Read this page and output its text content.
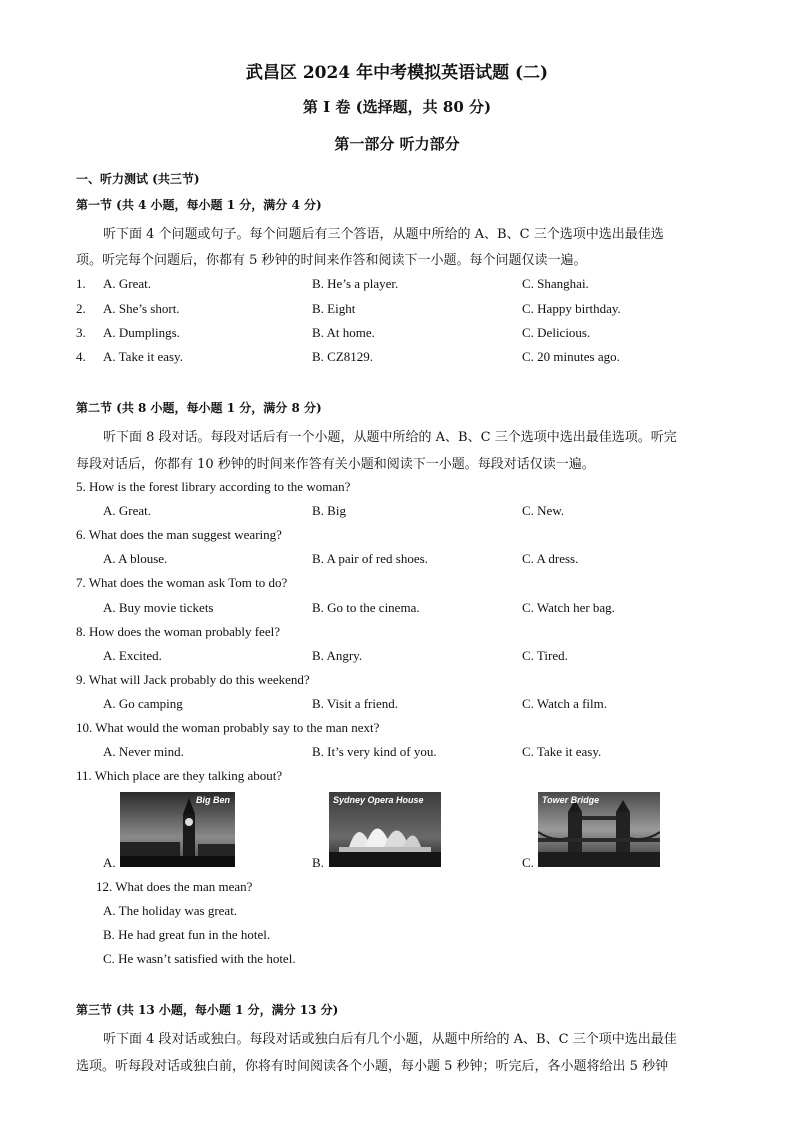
武昌区 2024 年中考模拟英语试题 (二)
第 I 卷 (选择题，共 80 分)
第一部分 听力部分
一、听力测试 (共三节)
第一节 (共 4 小题，每小题 1 分，满分 4 分)
听下面 4 个问题或句子。每个问题后有三个答语，从题中所给的 A、B、C 三个选项中选出最佳选
项。听完每个问题后，你都有 5 秒钟的时间来作答和阅读下一小题。每个问题仅读一遍。
1. A. Great.	B. He’s a player.	C. Shanghai.
2. A. She’s short.	B. Eight	C. Happy birthday.
3. A. Dumplings.	B. At home.	C. Delicious.
4. A. Take it easy.	B. CZ8129.	C. 20 minutes ago.
第二节 (共 8 小题，每小题 1 分，满分 8 分)
听下面 8 段对话。每段对话后有一个小题，从题中所给的 A、B、C 三个选项中选出最佳选项。听完
每段对话后，你都有 10 秒钟的时间来作答有关小题和阅读下一小题。每段对话仅读一遍。
5. How is the forest library according to the woman?
A. Great.	B. Big	C. New.
6. What does the man suggest wearing?
A. A blouse.	B. A pair of red shoes.	C. A dress.
7. What does the woman ask Tom to do?
A. Buy movie tickets	B. Go to the cinema.	C. Watch her bag.
8. How does the woman probably feel?
A. Excited.	B. Angry.	C. Tired.
9. What will Jack probably do this weekend?
A. Go camping	B. Visit a friend.	C. Watch a film.
10. What would the woman probably say to the man next?
A. Never mind.	B. It’s very kind of you.	C. Take it easy.
11. Which place are they talking about?
A.
Big Ben
B.
Sydney Opera House
C.
Tower Bridge
12. What does the man mean?
A. The holiday was great.
B. He had great fun in the hotel.
C. He wasn’t satisfied with the hotel.
第三节 (共 13 小题，每小题 1 分，满分 13 分)
听下面 4 段对话或独白。每段对话或独白后有几个小题，从题中所给的 A、B、C 三个项中选出最佳
选项。听每段对话或独白前，你将有时间阅读各个小题，每小题 5 秒钟；听完后，各小题将给出 5 秒钟
